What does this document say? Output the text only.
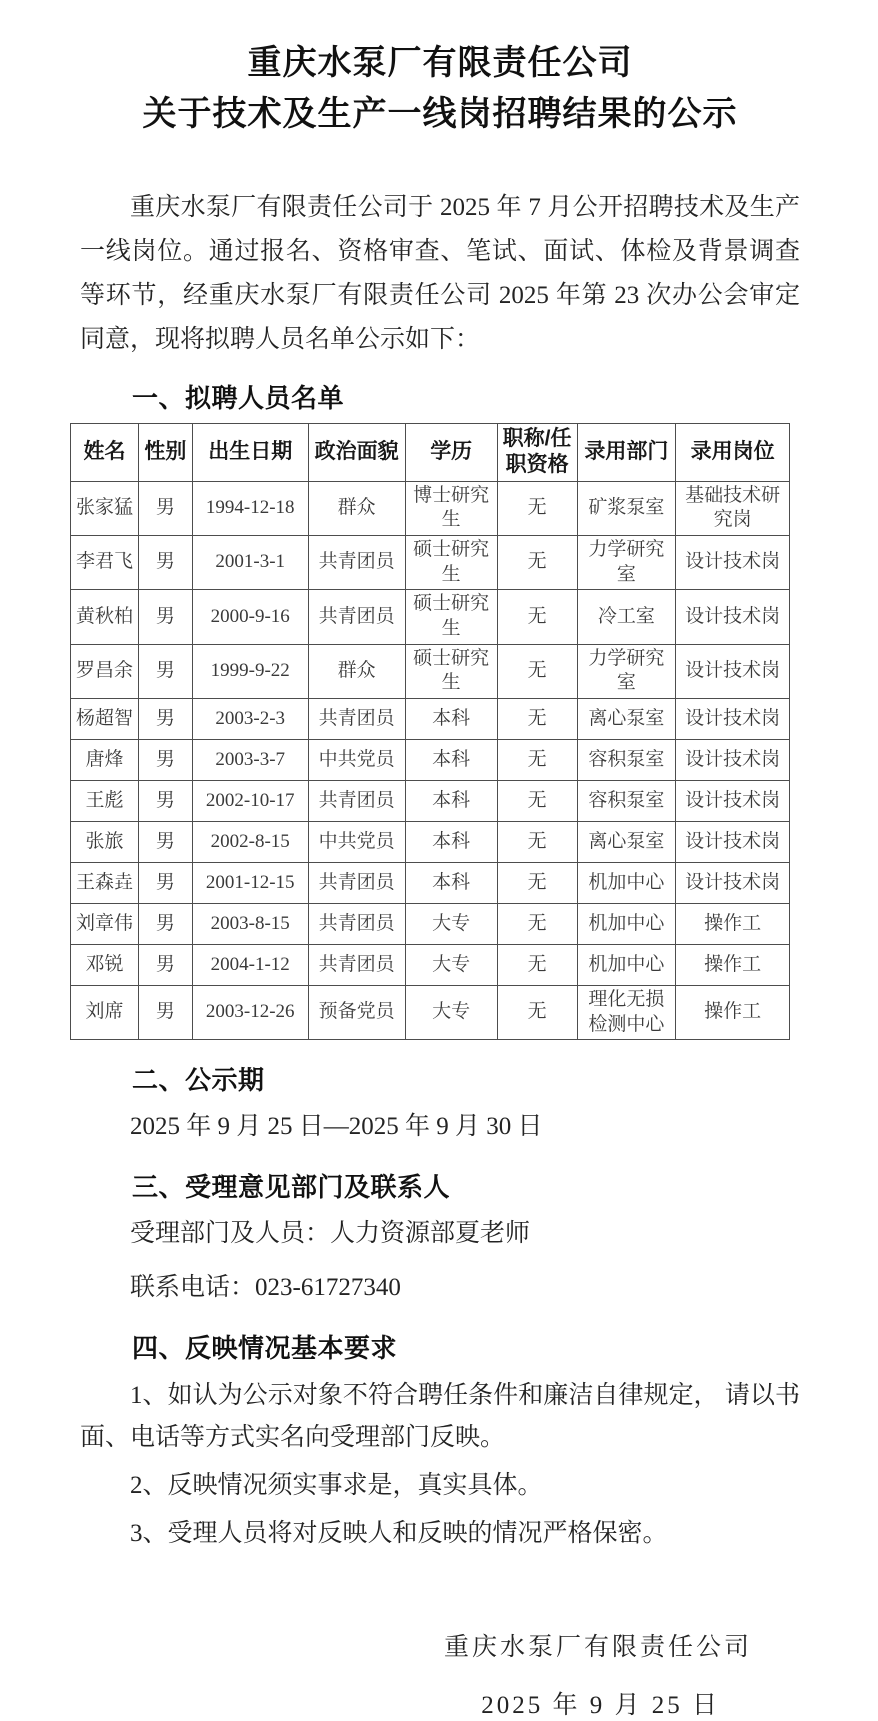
重庆水泵厂有限责任公司
关于技术及生产一线岗招聘结果的公示

重庆水泵厂有限责任公司于 2025 年 7 月公开招聘技术及生产一线岗位。通过报名、资格审查、笔试、面试、体检及背景调查等环节，经重庆水泵厂有限责任公司 2025 年第 23 次办公会审定同意，现将拟聘人员名单公示如下：

一、拟聘人员名单
姓名	性别	出生日期	政治面貌	学历	职称/任职资格	录用部门	录用岗位
张家猛	男	1994-12-18	群众	博士研究生	无	矿浆泵室	基础技术研究岗
李君飞	男	2001-3-1	共青团员	硕士研究生	无	力学研究室	设计技术岗
黄秋柏	男	2000-9-16	共青团员	硕士研究生	无	冷工室	设计技术岗
罗昌余	男	1999-9-22	群众	硕士研究生	无	力学研究室	设计技术岗
杨超智	男	2003-2-3	共青团员	本科	无	离心泵室	设计技术岗
唐烽	男	2003-3-7	中共党员	本科	无	容积泵室	设计技术岗
王彪	男	2002-10-17	共青团员	本科	无	容积泵室	设计技术岗
张旅	男	2002-8-15	中共党员	本科	无	离心泵室	设计技术岗
王森垚	男	2001-12-15	共青团员	本科	无	机加中心	设计技术岗
刘章伟	男	2003-8-15	共青团员	大专	无	机加中心	操作工
邓锐	男	2004-1-12	共青团员	大专	无	机加中心	操作工
刘席	男	2003-12-26	预备党员	大专	无	理化无损检测中心	操作工
二、公示期

2025 年 9 月 25 日—2025 年 9 月 30 日

三、受理意见部门及联系人

受理部门及人员：人力资源部夏老师

联系电话：023-61727340

四、反映情况基本要求

1、如认为公示对象不符合聘任条件和廉洁自律规定， 请以书面、电话等方式实名向受理部门反映。

2、反映情况须实事求是，真实具体。

3、受理人员将对反映人和反映的情况严格保密。

重庆水泵厂有限责任公司

2025 年 9 月 25 日
